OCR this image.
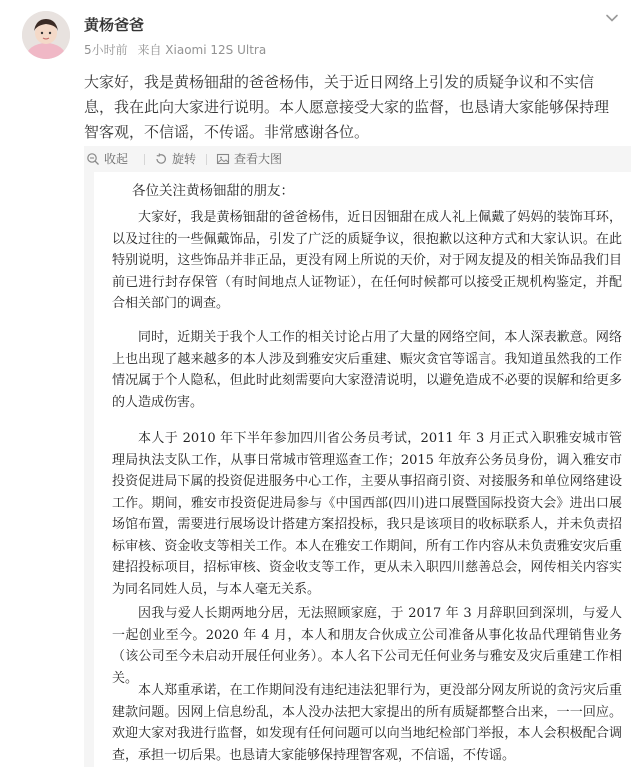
黄杨爸爸
5小时前 来自 Xiaomi 12S Ultra
大家好，我是黄杨钿甜的爸爸杨伟，关于近日网络上引发的质疑争议和不实信息，我在此向大家进行说明。本人愿意接受大家的监督，也恳请大家能够保持理智客观，不信谣，不传谣。非常感谢各位。
收起	旋转	查看大图
各位关注黄杨钿甜的朋友：

大家好，我是黄杨钿甜的爸爸杨伟，近日因钿甜在成人礼上佩戴了妈妈的装饰耳环，以及过往的一些佩戴饰品，引发了广泛的质疑争议，很抱歉以这种方式和大家认识。在此特别说明，这些饰品并非正品，更没有网上所说的天价，对于网友提及的相关饰品我们目前已进行封存保管（有时间地点人证物证），在任何时候都可以接受正规机构鉴定，并配合相关部门的调查。

同时，近期关于我个人工作的相关讨论占用了大量的网络空间，本人深表歉意。网络上也出现了越来越多的本人涉及到雅安灾后重建、赈灾贪官等谣言。我知道虽然我的工作情况属于个人隐私，但此时此刻需要向大家澄清说明，以避免造成不必要的误解和给更多的人造成伤害。

本人于 2010 年下半年参加四川省公务员考试，2011 年 3 月正式入职雅安城市管理局执法支队工作，从事日常城市管理巡查工作；2015 年放弃公务员身份，调入雅安市投资促进局下属的投资促进服务中心工作，主要从事招商引资、对接服务和单位网络建设工作。期间，雅安市投资促进局参与《中国西部(四川)进口展暨国际投资大会》进出口展场馆布置，需要进行展场设计搭建方案招投标，我只是该项目的收标联系人，并未负责招标审核、资金收支等相关工作。本人在雅安工作期间，所有工作内容从未负责雅安灾后重建招投标项目，招标审核、资金收支等工作，更从未入职四川慈善总会，网传相关内容实为同名同姓人员，与本人毫无关系。

因我与爱人长期两地分居，无法照顾家庭，于 2017 年 3 月辞职回到深圳，与爱人一起创业至今。2020 年 4 月，本人和朋友合伙成立公司准备从事化妆品代理销售业务（该公司至今未启动开展任何业务）。本人名下公司无任何业务与雅安及灾后重建工作相关。

本人郑重承诺，在工作期间没有违纪违法犯罪行为，更没部分网友所说的贪污灾后重建款问题。因网上信息纷乱，本人没办法把大家提出的所有质疑都整合出来，一一回应。欢迎大家对我进行监督，如发现有任何问题可以向当地纪检部门举报，本人会积极配合调查，承担一切后果。也恳请大家能够保持理智客观，不信谣，不传谣。
